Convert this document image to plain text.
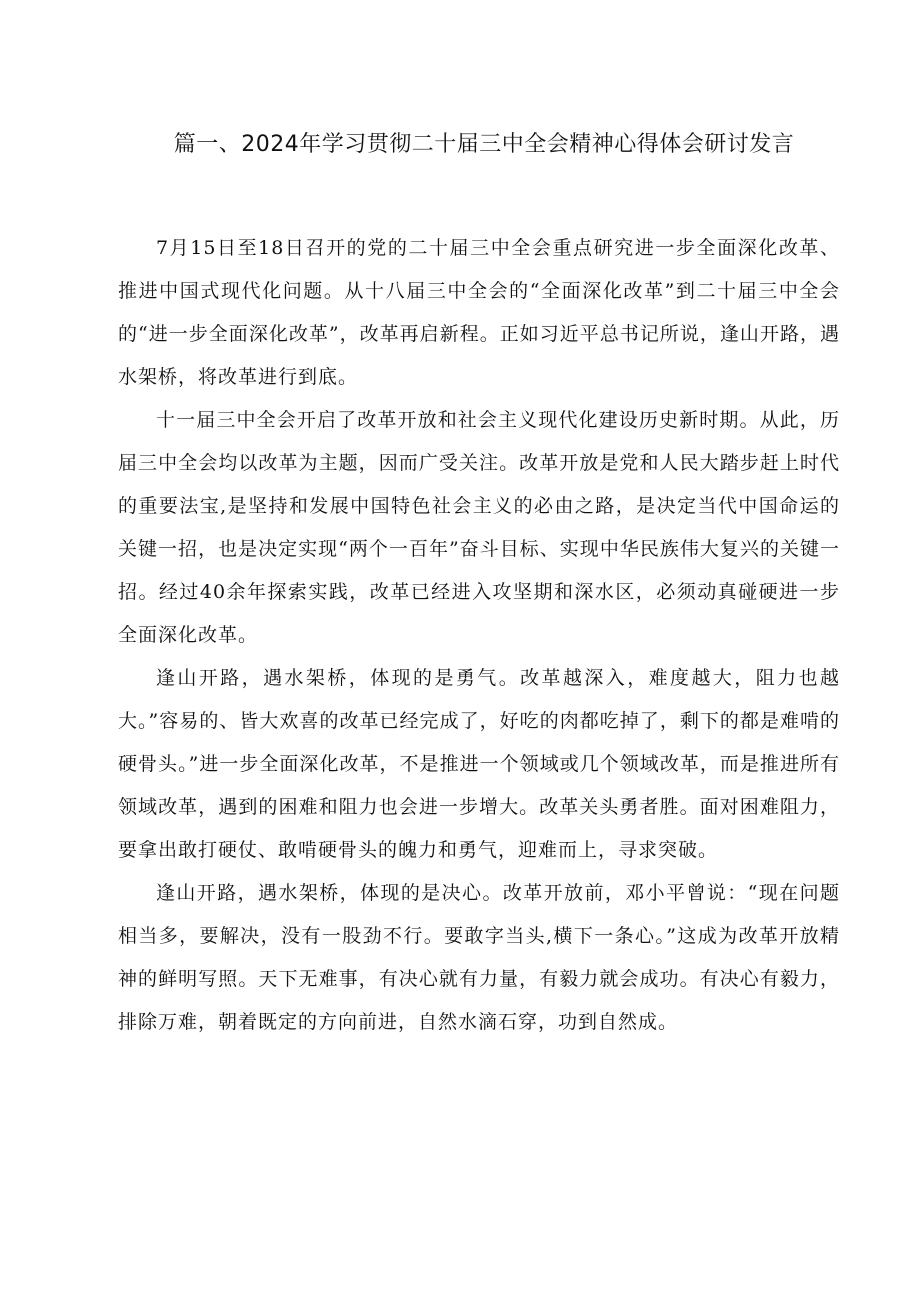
篇一、2024年学习贯彻二十届三中全会精神心得体会研讨发言

7月15日至18日召开的党的二十届三中全会重点研究进一步全面深化改革、推进中国式现代化问题。从十八届三中全会的“全面深化改革”到二十届三中全会的“进一步全面深化改革”，改革再启新程。正如习近平总书记所说，逢山开路，遇水架桥，将改革进行到底。

十一届三中全会开启了改革开放和社会主义现代化建设历史新时期。从此，历届三中全会均以改革为主题，因而广受关注。改革开放是党和人民大踏步赶上时代的重要法宝,是坚持和发展中国特色社会主义的必由之路，是决定当代中国命运的关键一招，也是决定实现“两个一百年”奋斗目标、实现中华民族伟大复兴的关键一招。经过40余年探索实践，改革已经进入攻坚期和深水区，必须动真碰硬进一步全面深化改革。

逢山开路，遇水架桥，体现的是勇气。改革越深入，难度越大，阻力也越大。”容易的、皆大欢喜的改革已经完成了，好吃的肉都吃掉了，剩下的都是难啃的硬骨头。”进一步全面深化改革，不是推进一个领域或几个领域改革，而是推进所有领域改革，遇到的困难和阻力也会进一步增大。改革关头勇者胜。面对困难阻力，要拿出敢打硬仗、敢啃硬骨头的魄力和勇气，迎难而上，寻求突破。

逢山开路，遇水架桥，体现的是决心。改革开放前，邓小平曾说：“现在问题相当多，要解决，没有一股劲不行。要敢字当头,横下一条心。”这成为改革开放精神的鲜明写照。天下无难事，有决心就有力量，有毅力就会成功。有决心有毅力，排除万难，朝着既定的方向前进，自然水滴石穿，功到自然成。
